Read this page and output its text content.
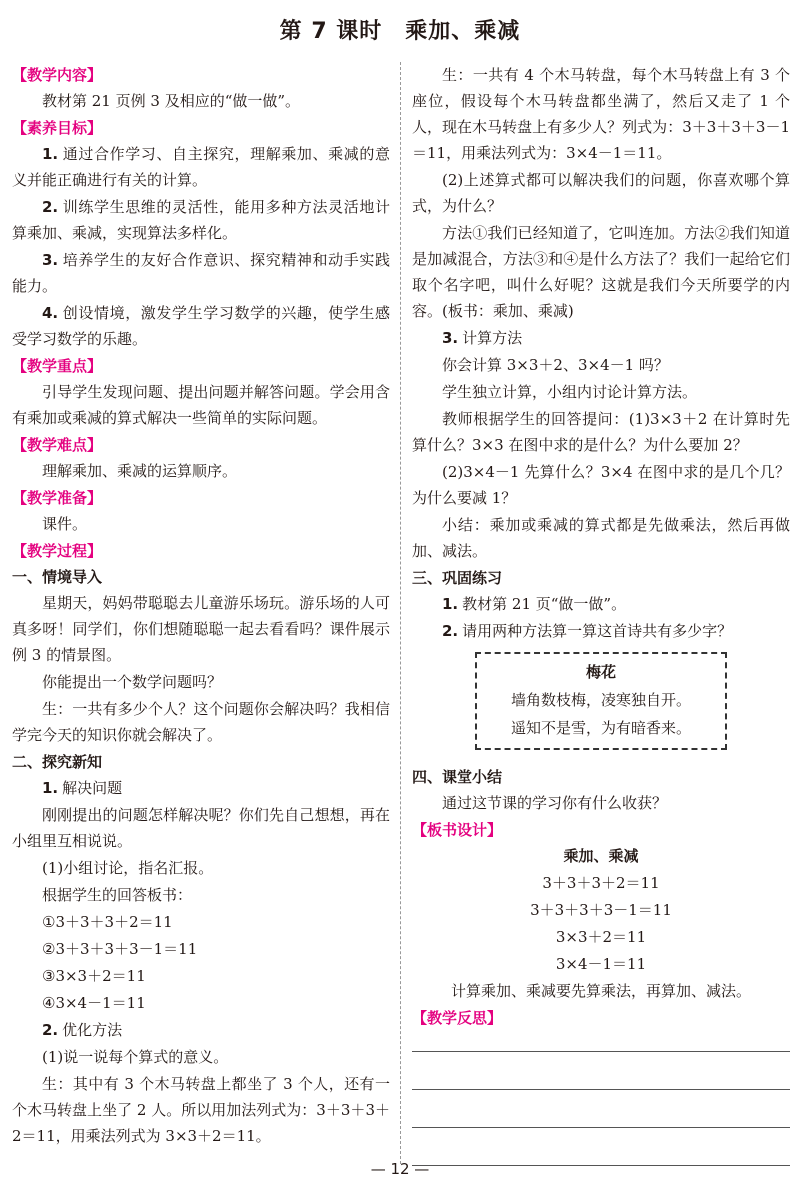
第 7 课时　乘加、乘减

【教学内容】

教材第 21 页例 3 及相应的“做一做”。

【素养目标】

1. 通过合作学习、自主探究，理解乘加、乘减的意义并能正确进行有关的计算。

2. 训练学生思维的灵活性，能用多种方法灵活地计算乘加、乘减，实现算法多样化。

3. 培养学生的友好合作意识、探究精神和动手实践能力。

4. 创设情境，激发学生学习数学的兴趣，使学生感受学习数学的乐趣。

【教学重点】

引导学生发现问题、提出问题并解答问题。学会用含有乘加或乘减的算式解决一些简单的实际问题。

【教学难点】

理解乘加、乘减的运算顺序。

【教学准备】

课件。

【教学过程】

一、情境导入

星期天，妈妈带聪聪去儿童游乐场玩。游乐场的人可真多呀！同学们，你们想随聪聪一起去看看吗？课件展示例 3 的情景图。

你能提出一个数学问题吗？

生：一共有多少个人？这个问题你会解决吗？我相信学完今天的知识你就会解决了。

二、探究新知

1. 解决问题

刚刚提出的问题怎样解决呢？你们先自己想想，再在小组里互相说说。

(1)小组讨论，指名汇报。

根据学生的回答板书：

①3＋3＋3＋2＝11

②3＋3＋3＋3－1＝11

③3×3＋2＝11

④3×4－1＝11

2. 优化方法

(1)说一说每个算式的意义。

生：其中有 3 个木马转盘上都坐了 3 个人，还有一个木马转盘上坐了 2 人。所以用加法列式为：3＋3＋3＋2＝11，用乘法列式为 3×3＋2＝11。

生：一共有 4 个木马转盘，每个木马转盘上有 3 个座位，假设每个木马转盘都坐满了，然后又走了 1 个人，现在木马转盘上有多少人？列式为：3＋3＋3＋3－1＝11，用乘法列式为：3×4－1＝11。

(2)上述算式都可以解决我们的问题，你喜欢哪个算式，为什么？

方法①我们已经知道了，它叫连加。方法②我们知道是加减混合，方法③和④是什么方法了？我们一起给它们取个名字吧，叫什么好呢？这就是我们今天所要学的内容。(板书：乘加、乘减)

3. 计算方法

你会计算 3×3＋2、3×4－1 吗？

学生独立计算，小组内讨论计算方法。

教师根据学生的回答提问：(1)3×3＋2 在计算时先算什么？3×3 在图中求的是什么？为什么要加 2？

(2)3×4－1 先算什么？3×4 在图中求的是几个几？为什么要减 1？

小结：乘加或乘减的算式都是先做乘法，然后再做加、减法。

三、巩固练习

1. 教材第 21 页“做一做”。

2. 请用两种方法算一算这首诗共有多少字？

梅花
墙角数枝梅，凌寒独自开。
遥知不是雪，为有暗香来。

四、课堂小结

通过这节课的学习你有什么收获？

【板书设计】

乘加、乘减
3＋3＋3＋2＝11
3＋3＋3＋3－1＝11
3×3＋2＝11
3×4－1＝11
计算乘加、乘减要先算乘法，再算加、减法。

【教学反思】

— 12 —
